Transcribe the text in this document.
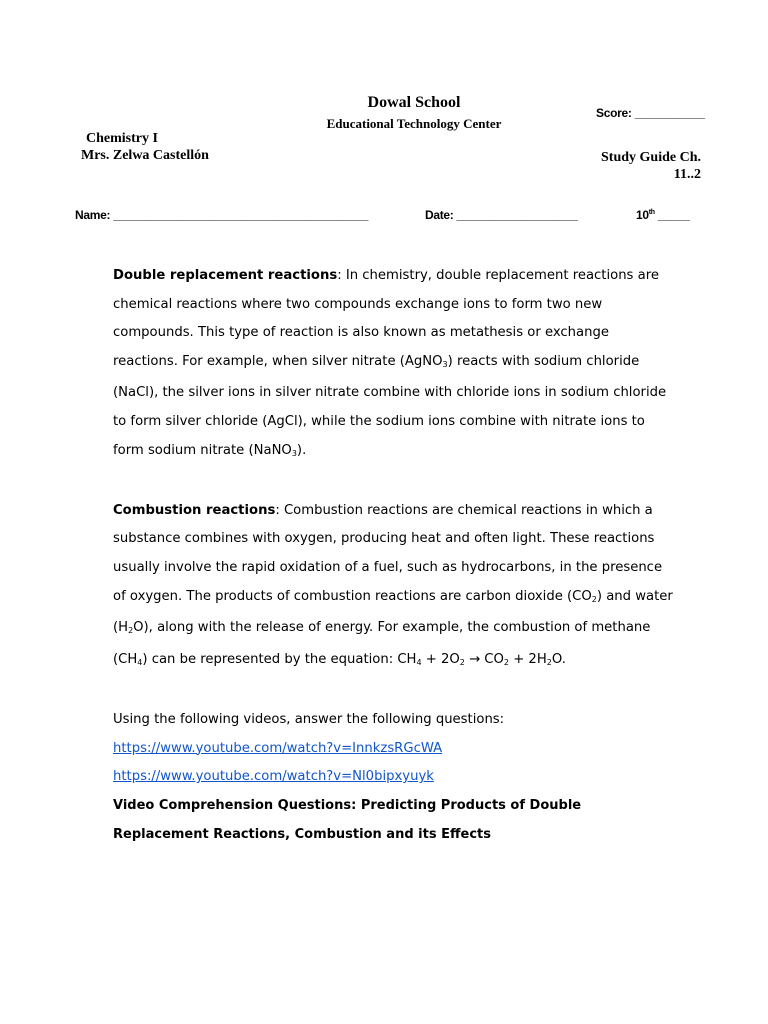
Dowal School
Educational Technology Center
Score: ___________
Chemistry I
Mrs. Zelwa Castellón	Study Guide Ch.
11..2
Name: ________________________________________	Date: ___________________	10th _____

Double replacement reactions: In chemistry, double replacement reactions are chemical reactions where two compounds exchange ions to form two new compounds. This type of reaction is also known as metathesis or exchange reactions. For example, when silver nitrate (AgNO$_3$) reacts with sodium chloride (NaCl), the silver ions in silver nitrate combine with chloride ions in sodium chloride to form silver chloride (AgCl), while the sodium ions combine with nitrate ions to form sodium nitrate (NaNO$_3$).

Combustion reactions: Combustion reactions are chemical reactions in which a substance combines with oxygen, producing heat and often light. These reactions usually involve the rapid oxidation of a fuel, such as hydrocarbons, in the presence of oxygen. The products of combustion reactions are carbon dioxide $(CO_2)$ and water $(H_2O)$, along with the release of energy. For example, the combustion of methane $(CH_4)$ can be represented by the equation: $CH_4 + 2O_2 \to CO_2 + 2H_2O$.

Using the following videos, answer the following questions:

https://www.youtube.com/watch?v=InnkzsRGcWA

https://www.youtube.com/watch?v=Nl0bipxyuyk

Video Comprehension Questions: Predicting Products of Double Replacement Reactions, Combustion and its Effects
